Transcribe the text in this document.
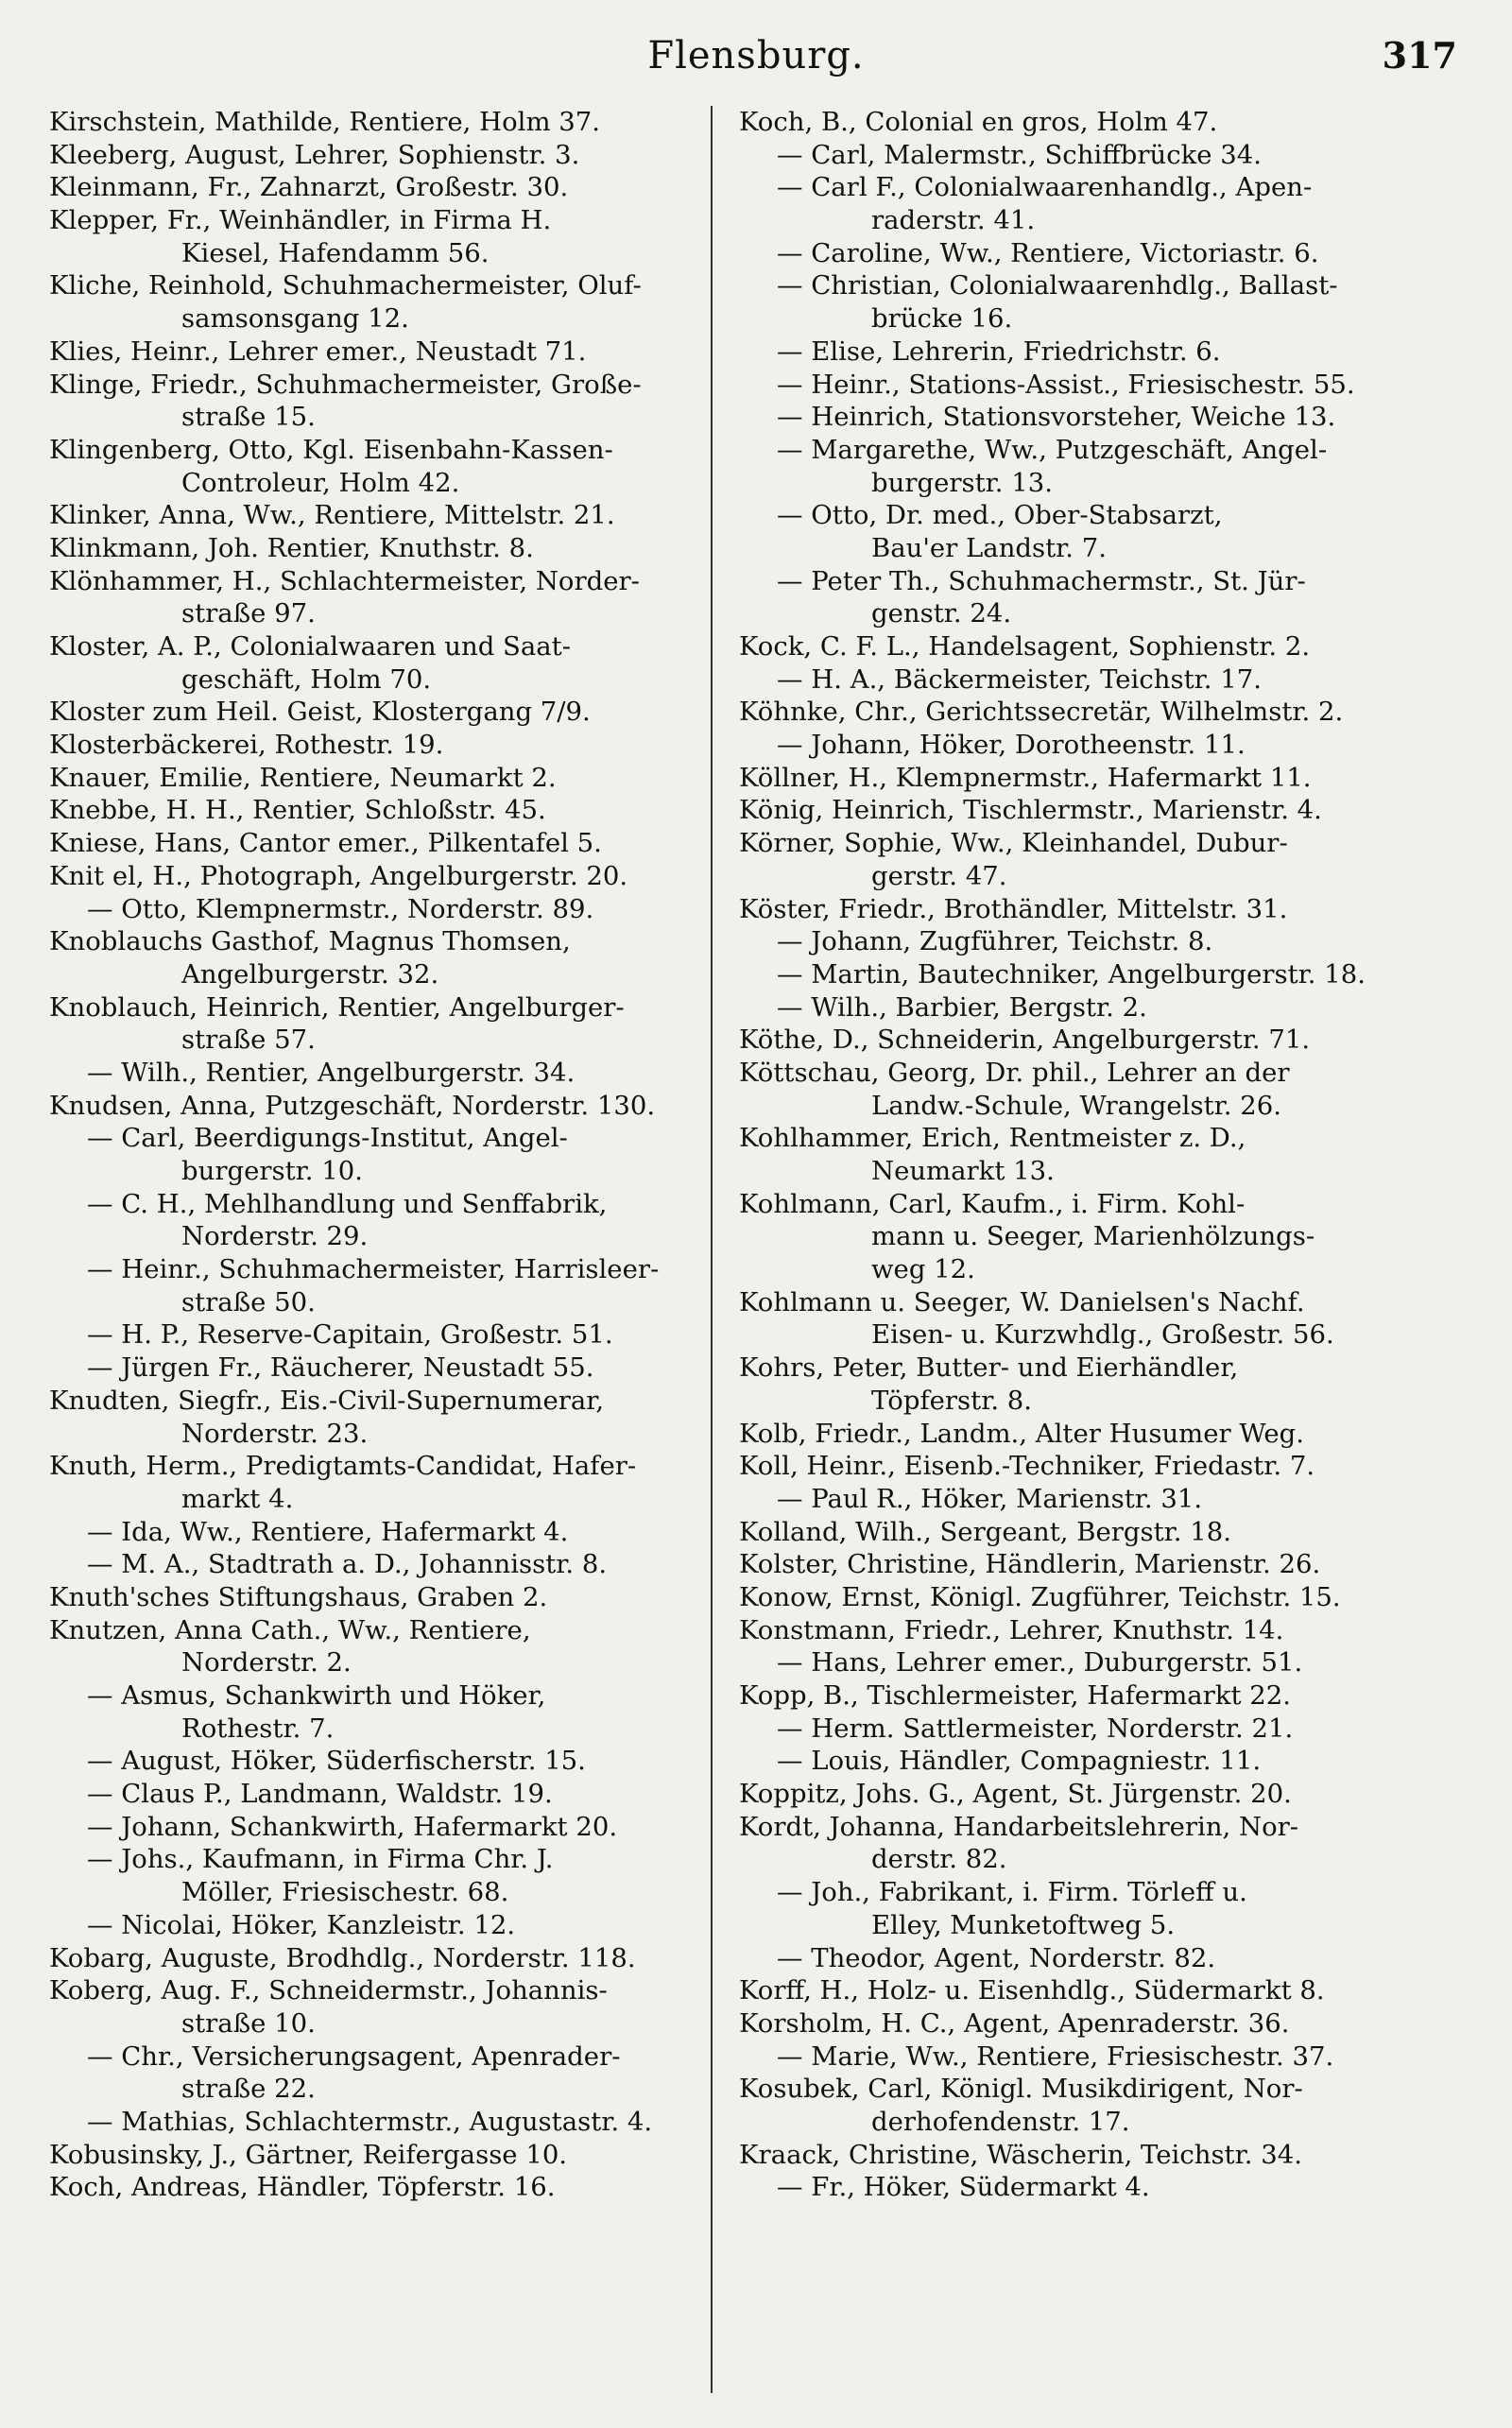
Flensburg.	317
Kirschstein, Mathilde, Rentiere, Holm 37.
Kleeberg, August, Lehrer, Sophienstr. 3.
Kleinmann, Fr., Zahnarzt, Großestr. 30.
Klepper, Fr., Weinhändler, in Firma H.
Kiesel, Hafendamm 56.
Kliche, Reinhold, Schuhmachermeister, Oluf-
samsonsgang 12.
Klies, Heinr., Lehrer emer., Neustadt 71.
Klinge, Friedr., Schuhmachermeister, Große-
straße 15.
Klingenberg, Otto, Kgl. Eisenbahn-Kassen-
Controleur, Holm 42.
Klinker, Anna, Ww., Rentiere, Mittelstr. 21.
Klinkmann, Joh. Rentier, Knuthstr. 8.
Klönhammer, H., Schlachtermeister, Norder-
straße 97.
Kloster, A. P., Colonialwaaren und Saat-
geschäft, Holm 70.
Kloster zum Heil. Geist, Klostergang 7/9.
Klosterbäckerei, Rothestr. 19.
Knauer, Emilie, Rentiere, Neumarkt 2.
Knebbe, H. H., Rentier, Schloßstr. 45.
Kniese, Hans, Cantor emer., Pilkentafel 5.
Knit el, H., Photograph, Angelburgerstr. 20.
— Otto, Klempnermstr., Norderstr. 89.
Knoblauchs Gasthof, Magnus Thomsen,
Angelburgerstr. 32.
Knoblauch, Heinrich, Rentier, Angelburger-
straße 57.
— Wilh., Rentier, Angelburgerstr. 34.
Knudsen, Anna, Putzgeschäft, Norderstr. 130.
— Carl, Beerdigungs-Institut, Angel-
burgerstr. 10.
— C. H., Mehlhandlung und Senffabrik,
Norderstr. 29.
— Heinr., Schuhmachermeister, Harrisleer-
straße 50.
— H. P., Reserve-Capitain, Großestr. 51.
— Jürgen Fr., Räucherer, Neustadt 55.
Knudten, Siegfr., Eis.-Civil-Supernumerar,
Norderstr. 23.
Knuth, Herm., Predigtamts-Candidat, Hafer-
markt 4.
— Ida, Ww., Rentiere, Hafermarkt 4.
— M. A., Stadtrath a. D., Johannisstr. 8.
Knuth'sches Stiftungshaus, Graben 2.
Knutzen, Anna Cath., Ww., Rentiere,
Norderstr. 2.
— Asmus, Schankwirth und Höker,
Rothestr. 7.
— August, Höker, Süderfischerstr. 15.
— Claus P., Landmann, Waldstr. 19.
— Johann, Schankwirth, Hafermarkt 20.
— Johs., Kaufmann, in Firma Chr. J.
Möller, Friesischestr. 68.
— Nicolai, Höker, Kanzleistr. 12.
Kobarg, Auguste, Brodhdlg., Norderstr. 118.
Koberg, Aug. F., Schneidermstr., Johannis-
straße 10.
— Chr., Versicherungsagent, Apenrader-
straße 22.
— Mathias, Schlachtermstr., Augustastr. 4.
Kobusinsky, J., Gärtner, Reifergasse 10.
Koch, Andreas, Händler, Töpferstr. 16.
Koch, B., Colonial en gros, Holm 47.
— Carl, Malermstr., Schiffbrücke 34.
— Carl F., Colonialwaarenhandlg., Apen-
raderstr. 41.
— Caroline, Ww., Rentiere, Victoriastr. 6.
— Christian, Colonialwaarenhdlg., Ballast-
brücke 16.
— Elise, Lehrerin, Friedrichstr. 6.
— Heinr., Stations-Assist., Friesischestr. 55.
— Heinrich, Stationsvorsteher, Weiche 13.
— Margarethe, Ww., Putzgeschäft, Angel-
burgerstr. 13.
— Otto, Dr. med., Ober-Stabsarzt,
Bau'er Landstr. 7.
— Peter Th., Schuhmachermstr., St. Jür-
genstr. 24.
Kock, C. F. L., Handelsagent, Sophienstr. 2.
— H. A., Bäckermeister, Teichstr. 17.
Köhnke, Chr., Gerichtssecretär, Wilhelmstr. 2.
— Johann, Höker, Dorotheenstr. 11.
Köllner, H., Klempnermstr., Hafermarkt 11.
König, Heinrich, Tischlermstr., Marienstr. 4.
Körner, Sophie, Ww., Kleinhandel, Dubur-
gerstr. 47.
Köster, Friedr., Brothändler, Mittelstr. 31.
— Johann, Zugführer, Teichstr. 8.
— Martin, Bautechniker, Angelburgerstr. 18.
— Wilh., Barbier, Bergstr. 2.
Köthe, D., Schneiderin, Angelburgerstr. 71.
Köttschau, Georg, Dr. phil., Lehrer an der
Landw.-Schule, Wrangelstr. 26.
Kohlhammer, Erich, Rentmeister z. D.,
Neumarkt 13.
Kohlmann, Carl, Kaufm., i. Firm. Kohl-
mann u. Seeger, Marienhölzungs-
weg 12.
Kohlmann u. Seeger, W. Danielsen's Nachf.
Eisen- u. Kurzwhdlg., Großestr. 56.
Kohrs, Peter, Butter- und Eierhändler,
Töpferstr. 8.
Kolb, Friedr., Landm., Alter Husumer Weg.
Koll, Heinr., Eisenb.-Techniker, Friedastr. 7.
— Paul R., Höker, Marienstr. 31.
Kolland, Wilh., Sergeant, Bergstr. 18.
Kolster, Christine, Händlerin, Marienstr. 26.
Konow, Ernst, Königl. Zugführer, Teichstr. 15.
Konstmann, Friedr., Lehrer, Knuthstr. 14.
— Hans, Lehrer emer., Duburgerstr. 51.
Kopp, B., Tischlermeister, Hafermarkt 22.
— Herm. Sattlermeister, Norderstr. 21.
— Louis, Händler, Compagniestr. 11.
Koppitz, Johs. G., Agent, St. Jürgenstr. 20.
Kordt, Johanna, Handarbeitslehrerin, Nor-
derstr. 82.
— Joh., Fabrikant, i. Firm. Törleff u.
Elley, Munketoftweg 5.
— Theodor, Agent, Norderstr. 82.
Korff, H., Holz- u. Eisenhdlg., Südermarkt 8.
Korsholm, H. C., Agent, Apenraderstr. 36.
— Marie, Ww., Rentiere, Friesischestr. 37.
Kosubek, Carl, Königl. Musikdirigent, Nor-
derhofendenstr. 17.
Kraack, Christine, Wäscherin, Teichstr. 34.
— Fr., Höker, Südermarkt 4.
